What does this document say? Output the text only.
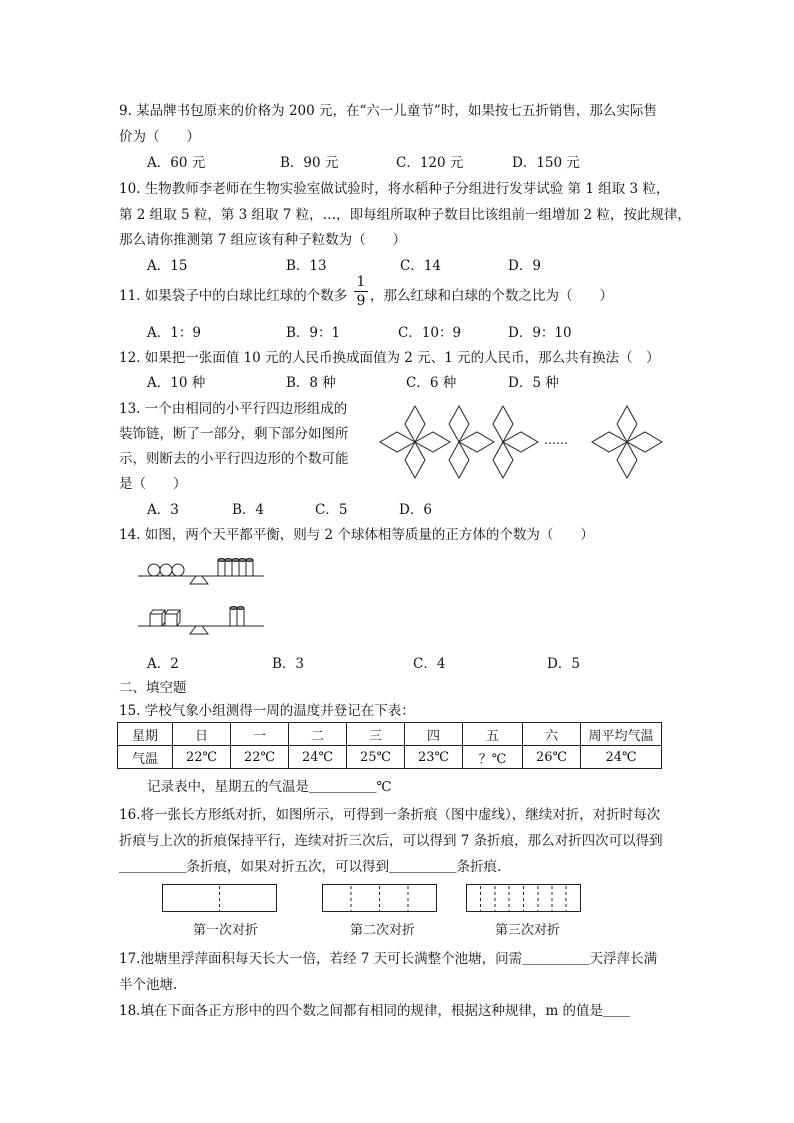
9. 某品牌书包原来的价格为 200 元，在“六一儿童节”时，如果按七五折销售，那么实际售
价为（　　）
A．60 元	B．90 元	C．120 元	D．150 元
10. 生物教师李老师在生物实验室做试验时，将水稻种子分组进行发芽试验 第 1 组取 3 粒，
第 2 组取 5 粒，第 3 组取 7 粒，…，即每组所取种子数目比该组前一组增加 2 粒，按此规律，
那么请你推测第 7 组应该有种子粒数为（　　）
A．15	B．13	C．14	D．9
11. 如果袋子中的白球比红球的个数多
1
9 ，那么红球和白球的个数之比为（　　）
A．1：9	B．9：1	C．10：9	D．9：10
12. 如果把一张面值 10 元的人民币换成面值为 2 元、1 元的人民币，那么共有换法（　）
A．10 种	B．8 种	C．6 种	D．5 种
13. 一个由相同的小平行四边形组成的
装饰链，断了一部分，剩下部分如图所
示，则断去的小平行四边形的个数可能
是（　　）
……
A．3	B．4	C．5	D．6
14. 如图，两个天平都平衡，则与 2 个球体相等质量的正方体的个数为（　　）
A．2	B．3	C．4	D．5
二、填空题
15. 学校气象小组测得一周的温度并登记在下表：
星期	日	一	二	三	四	五	六	周平均气温
气温	22℃	22℃	24℃	25℃	23℃	？℃	26℃	24℃
记录表中，星期五的气温是＿＿＿＿＿℃
16.将一张长方形纸对折，如图所示，可得到一条折痕（图中虚线），继续对折，对折时每次
折痕与上次的折痕保持平行，连续对折三次后，可以得到 7 条折痕，那么对折四次可以得到
＿＿＿＿＿条折痕，如果对折五次，可以得到＿＿＿＿＿条折痕.
第一次对折	第二次对折	第三次对折
17.池塘里浮萍面积每天长大一倍，若经 7 天可长满整个池塘，问需＿＿＿＿＿天浮萍长满
半个池塘.
18.填在下面各正方形中的四个数之间都有相同的规律，根据这种规律，m 的值是＿＿
